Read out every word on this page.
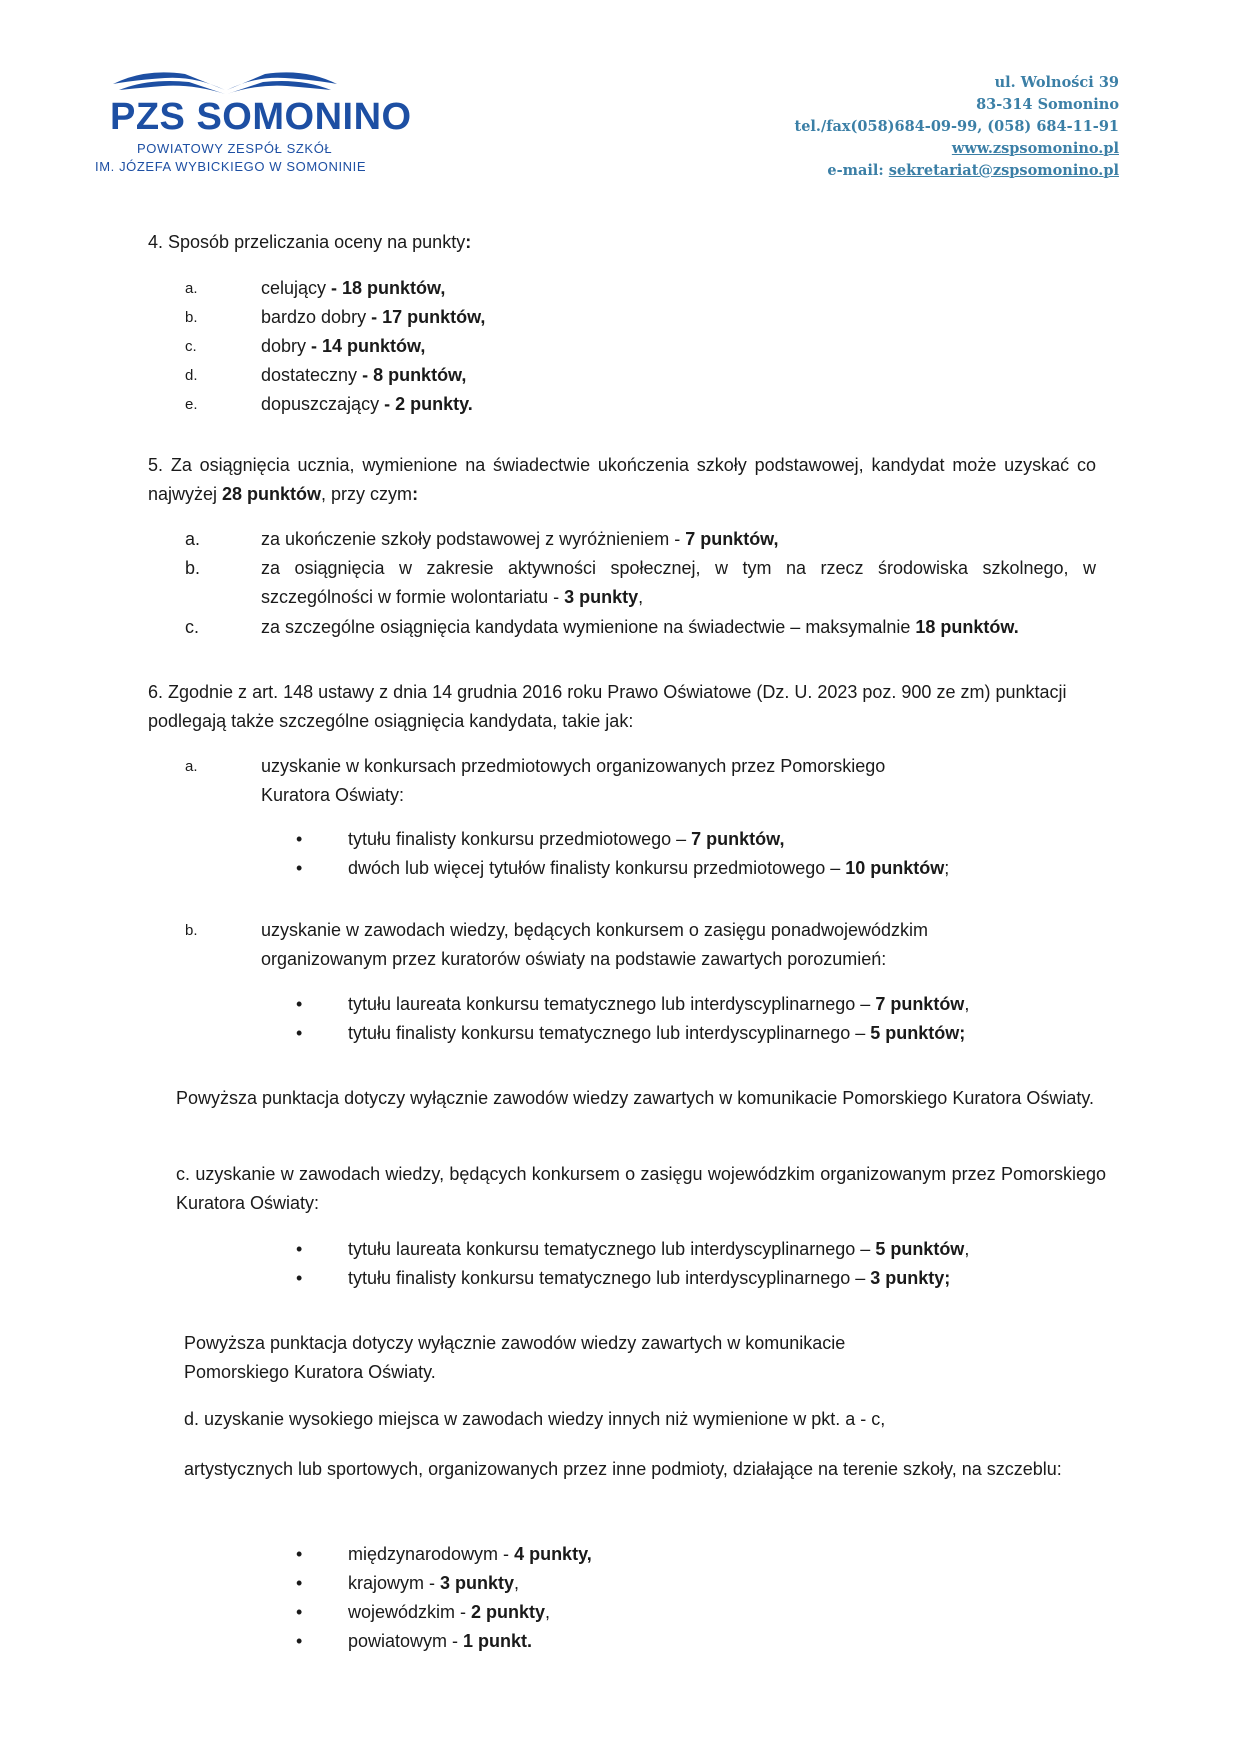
PZS SOMONINO
POWIATOWY ZESPÓŁ SZKÓŁ
IM. JÓZEFA WYBICKIEGO W SOMONINIE
ul. Wolności 39
83-314 Somonino
tel./fax(058)684-09-99, (058) 684-11-91
www.zspsomonino.pl
e-mail: sekretariat@zspsomonino.pl
4. Sposób przeliczania oceny na punkty:
a.	celujący - 18 punktów,
b.	bardzo dobry - 17 punktów,
c.	dobry - 14 punktów,
d.	dostateczny - 8 punktów,
e.	dopuszczający - 2 punkty.
5. Za osiągnięcia ucznia, wymienione na świadectwie ukończenia szkoły podstawowej, kandydat może uzyskać co najwyżej 28 punktów, przy czym:
a.	za ukończenie szkoły podstawowej z wyróżnieniem - 7 punktów,
b.	za osiągnięcia w zakresie aktywności społecznej, w tym na rzecz środowiska szkolnego, w szczególności w formie wolontariatu - 3 punkty,
c.	za szczególne osiągnięcia kandydata wymienione na świadectwie – maksymalnie 18 punktów.
6. Zgodnie z art. 148 ustawy z dnia 14 grudnia 2016 roku Prawo Oświatowe (Dz. U. 2023 poz. 900 ze zm) punktacji podlegają także szczególne osiągnięcia kandydata, takie jak:
a.	uzyskanie w konkursach przedmiotowych organizowanych przez Pomorskiego Kuratora Oświaty:
•	tytułu finalisty konkursu przedmiotowego – 7 punktów,
•	dwóch lub więcej tytułów finalisty konkursu przedmiotowego – 10 punktów;
b.	uzyskanie w zawodach wiedzy, będących konkursem o zasięgu ponadwojewódzkim organizowanym przez kuratorów oświaty na podstawie zawartych porozumień:
•	tytułu laureata konkursu tematycznego lub interdyscyplinarnego – 7 punktów,
•	tytułu finalisty konkursu tematycznego lub interdyscyplinarnego – 5 punktów;
Powyższa punktacja dotyczy wyłącznie zawodów wiedzy zawartych w komunikacie Pomorskiego Kuratora Oświaty.
c. uzyskanie w zawodach wiedzy, będących konkursem o zasięgu wojewódzkim organizowanym przez Pomorskiego Kuratora Oświaty:
•	tytułu laureata konkursu tematycznego lub interdyscyplinarnego – 5 punktów,
•	tytułu finalisty konkursu tematycznego lub interdyscyplinarnego – 3 punkty;
Powyższa punktacja dotyczy wyłącznie zawodów wiedzy zawartych w komunikacie
Pomorskiego Kuratora Oświaty.
d. uzyskanie wysokiego miejsca w zawodach wiedzy innych niż wymienione w pkt. a - c,
artystycznych lub sportowych, organizowanych przez inne podmioty, działające na terenie szkoły, na szczeblu:
•	międzynarodowym - 4 punkty,
•	krajowym - 3 punkty,
•	wojewódzkim - 2 punkty,
•	powiatowym - 1 punkt.
